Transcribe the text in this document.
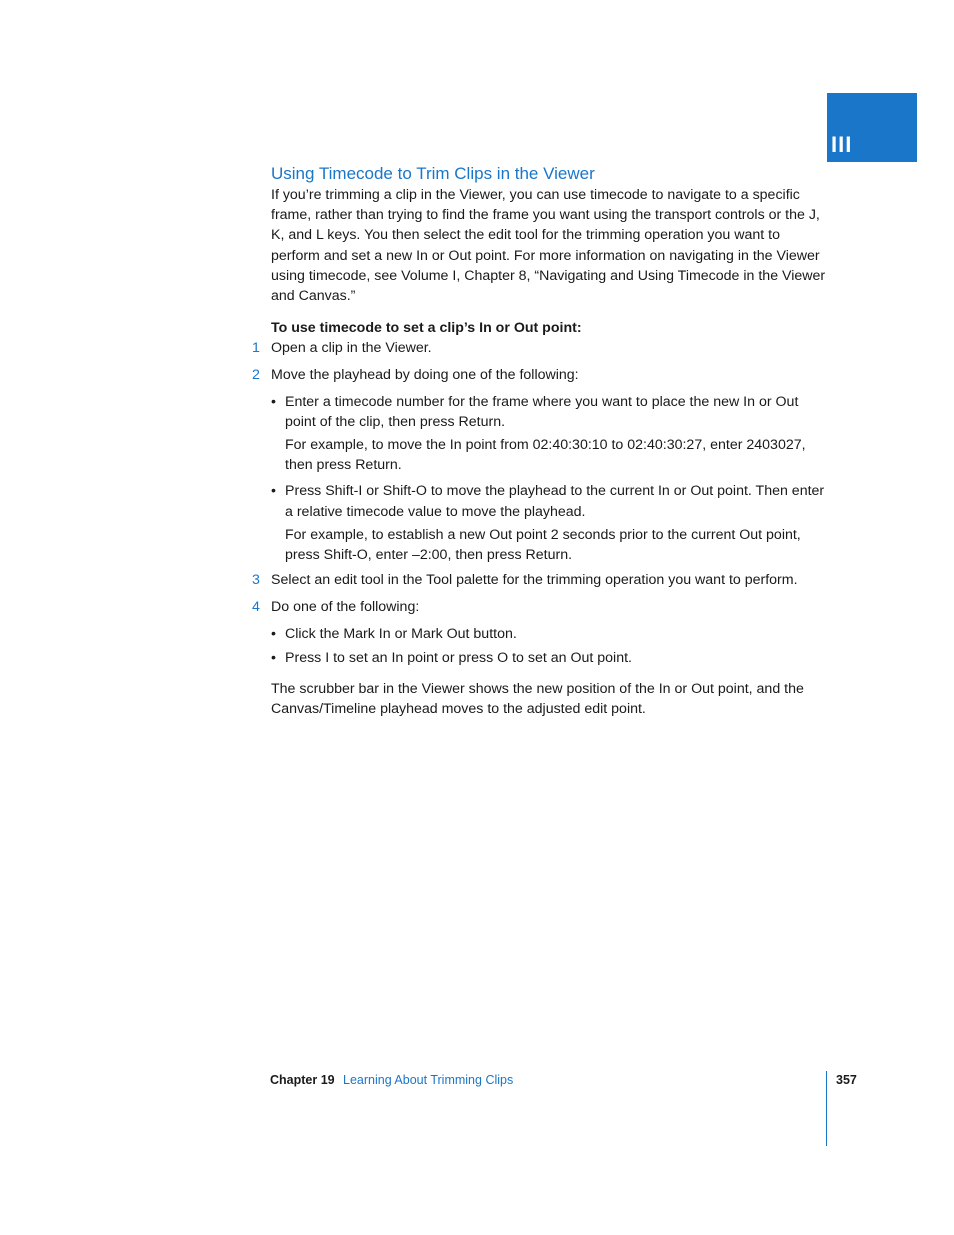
III
Using Timecode to Trim Clips in the Viewer

If you’re trimming a clip in the Viewer, you can use timecode to navigate to a specific frame, rather than trying to find the frame you want using the transport controls or the J, K, and L keys. You then select the edit tool for the trimming operation you want to perform and set a new In or Out point. For more information on navigating in the Viewer using timecode, see Volume I, Chapter 8, “Navigating and Using Timecode in the Viewer and Canvas.”

To use timecode to set a clip’s In or Out point:

1 Open a clip in the Viewer.
2 Move the playhead by doing one of the following:
• Enter a timecode number for the frame where you want to place the new In or Out point of the clip, then press Return.
For example, to move the In point from 02:40:30:10 to 02:40:30:27, enter 2403027, then press Return.
• Press Shift-I or Shift-O to move the playhead to the current In or Out point. Then enter a relative timecode value to move the playhead.
For example, to establish a new Out point 2 seconds prior to the current Out point, press Shift-O, enter –2:00, then press Return.
3 Select an edit tool in the Tool palette for the trimming operation you want to perform.
4 Do one of the following:
• Click the Mark In or Mark Out button.
• Press I to set an In point or press O to set an Out point.

The scrubber bar in the Viewer shows the new position of the In or Out point, and the Canvas/Timeline playhead moves to the adjusted edit point.

Chapter 19 Learning About Trimming Clips	357
